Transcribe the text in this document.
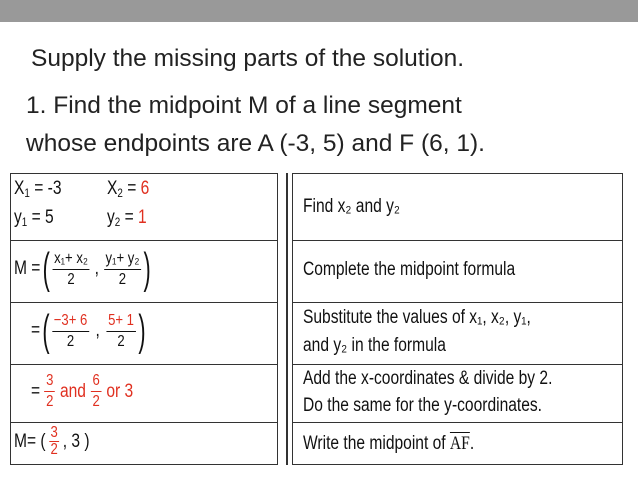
Supply the missing parts of the solution.
1. Find the midpoint M of a line segment
whose endpoints are A (-3, 5) and F (6, 1).
$X_1 = -3$ $X_2 = 6$
$y_1 = 5$	$y_2 = 1$
M = ( $\frac{\text{x₁+ x₂}}{2}$ , $\frac{\text{y₁+ y₂}}{2}$ )
= ( $\frac{-3+ 6}{2}$ , $\frac{5+ 1}{2}$ )
=
$\frac{3}{2}$ and $\frac{6}{2}$ or 3
M= ( $\frac{3}{2}$ , 3 )
Find x₂ and y₂
Complete the midpoint formula
Substitute the values of x₁, x₂, y₁,
and y₂ in the formula
Add the x-coordinates & divide by 2.
Do the same for the y-coordinates.
Write the midpoint of $\overline{AF}$.
